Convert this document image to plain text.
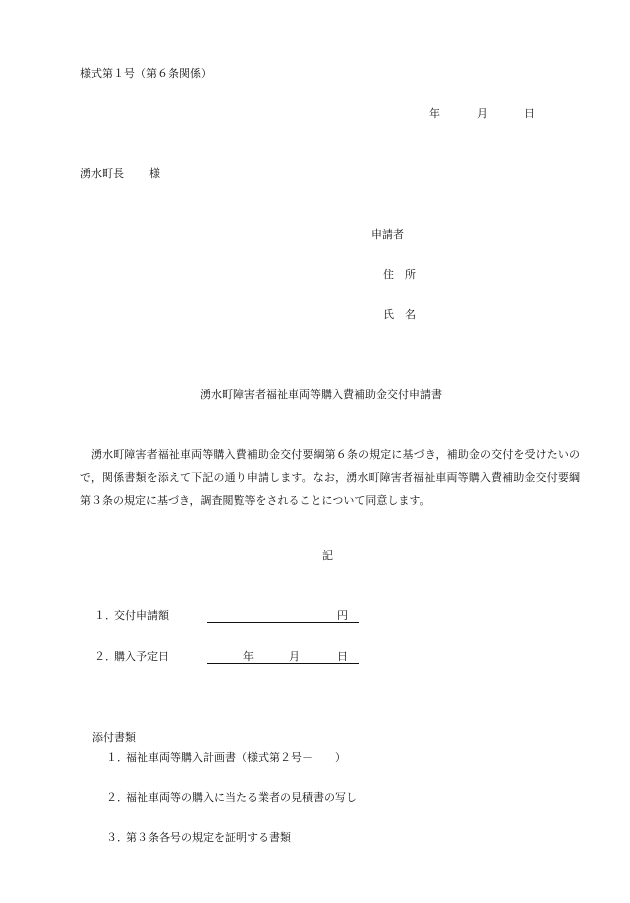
様式第１号（第６条関係）
年	月	日
湧水町長 様
申請者
住　所
氏　名
湧水町障害者福祉車両等購入費補助金交付申請書
湧水町障害者福祉車両等購入費補助金交付要綱第６条の規定に基づき，補助金の交付を受けたいので，関係書類を添えて下記の通り申請します。なお，湧水町障害者福祉車両等購入費補助金交付要綱第３条の規定に基づき，調査閲覧等をされることについて同意します。
記
１．
交付申請額	円
２．
購入予定日	年	月	日
添付書類
１．
福祉車両等購入計画書（様式第２号－　　）
２．
福祉車両等の購入に当たる業者の見積書の写し
３．
第３条各号の規定を証明する書類
